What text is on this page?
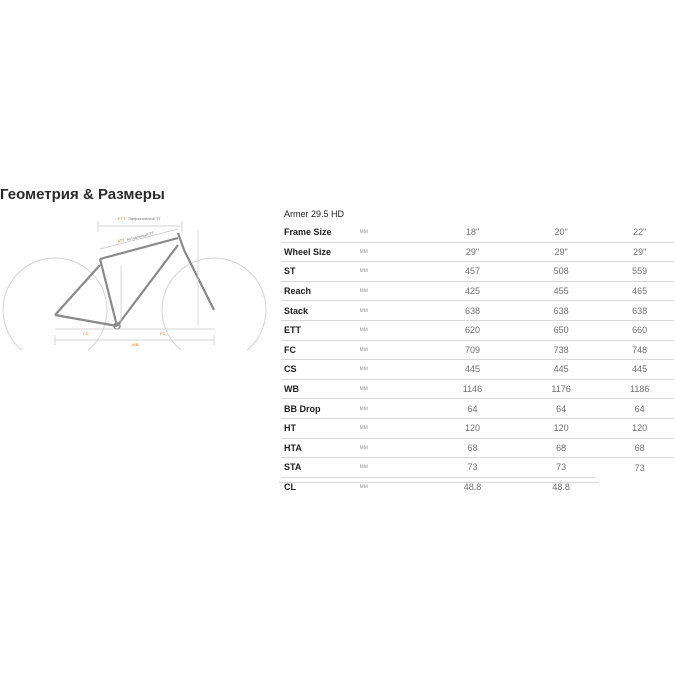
Геометрия & Размеры
ETT Эффективный TT
ATT Актуальный TT
CS	FC
WB
Armer 29.5 HD				
Frame Size	мм	18"	20"	22"
Wheel Size	мм	29"	29"	29"
ST	мм	457	508	559
Reach	мм	425	455	465
Stack	мм	638	638	638
ETT	мм	620	650	660
FC	мм	709	738	748
CS	мм	445	445	445
WB	мм	1146	1176	1186
BB Drop	мм	64	64	64
HT	мм	120	120	120
HTA	мм	68	68	68
STA	мм	73	73	73
CL	мм	48.8	48.8	
